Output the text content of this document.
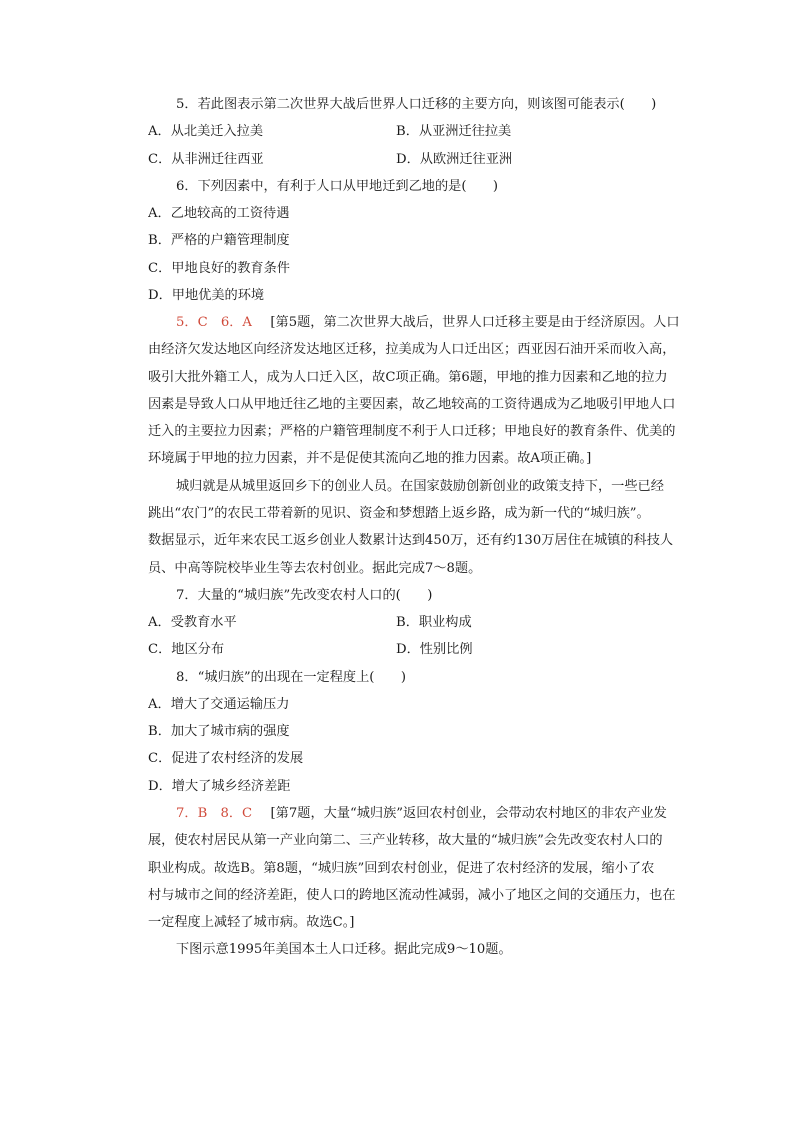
5．若此图表示第二次世界大战后世界人口迁移的主要方向，则该图可能表示(　　)
A．从北美迁入拉美	B．从亚洲迁往拉美
C．从非洲迁往西亚	D．从欧洲迁往亚洲
6．下列因素中，有利于人口从甲地迁到乙地的是(　　)
A．乙地较高的工资待遇
B．严格的户籍管理制度
C．甲地良好的教育条件
D．甲地优美的环境
5．C　6．A [第5题，第二次世界大战后，世界人口迁移主要是由于经济原因。人口
由经济欠发达地区向经济发达地区迁移，拉美成为人口迁出区；西亚因石油开采而收入高，
吸引大批外籍工人，成为人口迁入区，故C项正确。第6题，甲地的推力因素和乙地的拉力
因素是导致人口从甲地迁往乙地的主要因素，故乙地较高的工资待遇成为乙地吸引甲地人口
迁入的主要拉力因素；严格的户籍管理制度不利于人口迁移；甲地良好的教育条件、优美的
环境属于甲地的拉力因素，并不是促使其流向乙地的推力因素。故A项正确。]
城归就是从城里返回乡下的创业人员。在国家鼓励创新创业的政策支持下，一些已经
跳出“农门”的农民工带着新的见识、资金和梦想踏上返乡路，成为新一代的“城归族”。
数据显示，近年来农民工返乡创业人数累计达到450万，还有约130万居住在城镇的科技人
员、中高等院校毕业生等去农村创业。据此完成7～8题。
7．大量的“城归族”先改变农村人口的(　　)
A．受教育水平	B．职业构成
C．地区分布	D．性别比例
8．“城归族”的出现在一定程度上(　　)
A．增大了交通运输压力
B．加大了城市病的强度
C．促进了农村经济的发展
D．增大了城乡经济差距
7．B　8．C [第7题，大量“城归族”返回农村创业，会带动农村地区的非农产业发
展，使农村居民从第一产业向第二、三产业转移，故大量的“城归族”会先改变农村人口的
职业构成。故选B。第8题，“城归族”回到农村创业，促进了农村经济的发展，缩小了农
村与城市之间的经济差距，使人口的跨地区流动性减弱，减小了地区之间的交通压力，也在
一定程度上减轻了城市病。故选C。]
下图示意1995年美国本土人口迁移。据此完成9～10题。
